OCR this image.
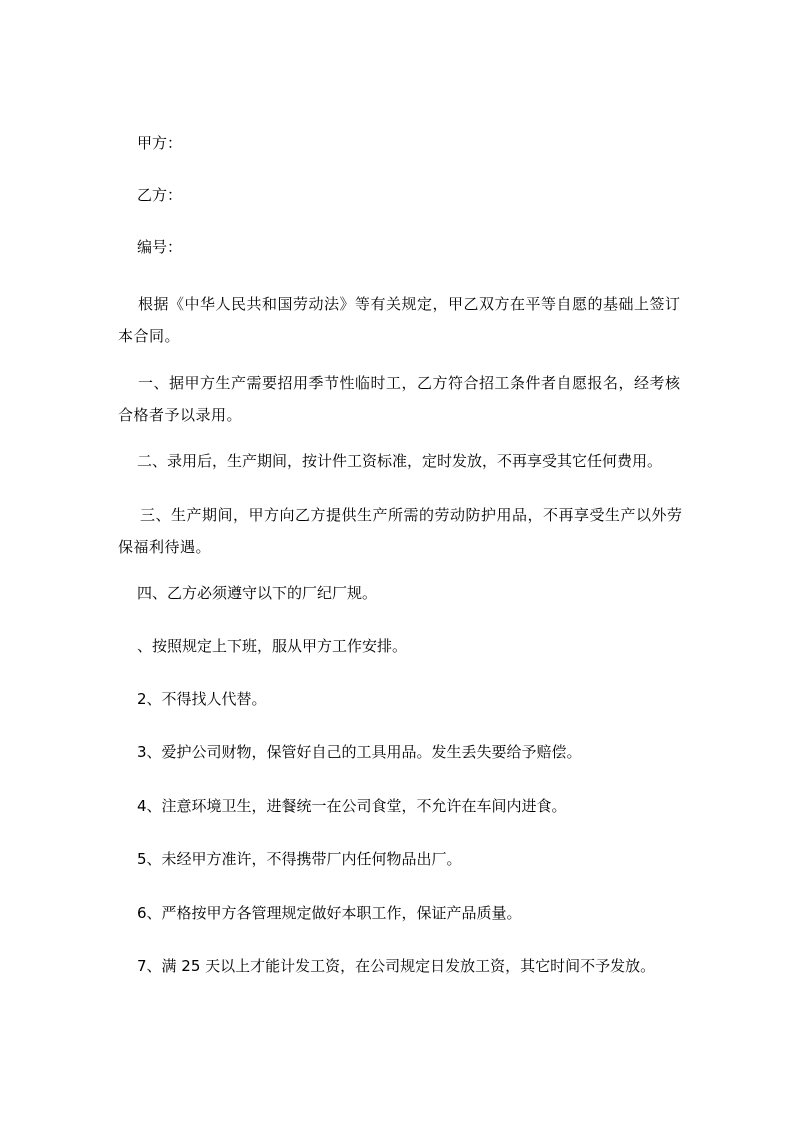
甲方：
乙方：
编号：
根据《中华人民共和国劳动法》等有关规定，甲乙双方在平等自愿的基础上签订
本合同。
一、据甲方生产需要招用季节性临时工，乙方符合招工条件者自愿报名，经考核
合格者予以录用。
二、录用后，生产期间，按计件工资标准，定时发放，不再享受其它任何费用。
三、生产期间，甲方向乙方提供生产所需的劳动防护用品，不再享受生产以外劳
保福利待遇。
四、乙方必须遵守以下的厂纪厂规。
、按照规定上下班，服从甲方工作安排。
2、不得找人代替。
3、爱护公司财物，保管好自己的工具用品。发生丢失要给予赔偿。
4、注意环境卫生，进餐统一在公司食堂，不允许在车间内进食。
5、未经甲方准许，不得携带厂内任何物品出厂。
6、严格按甲方各管理规定做好本职工作，保证产品质量。
7、满 25 天以上才能计发工资，在公司规定日发放工资，其它时间不予发放。
